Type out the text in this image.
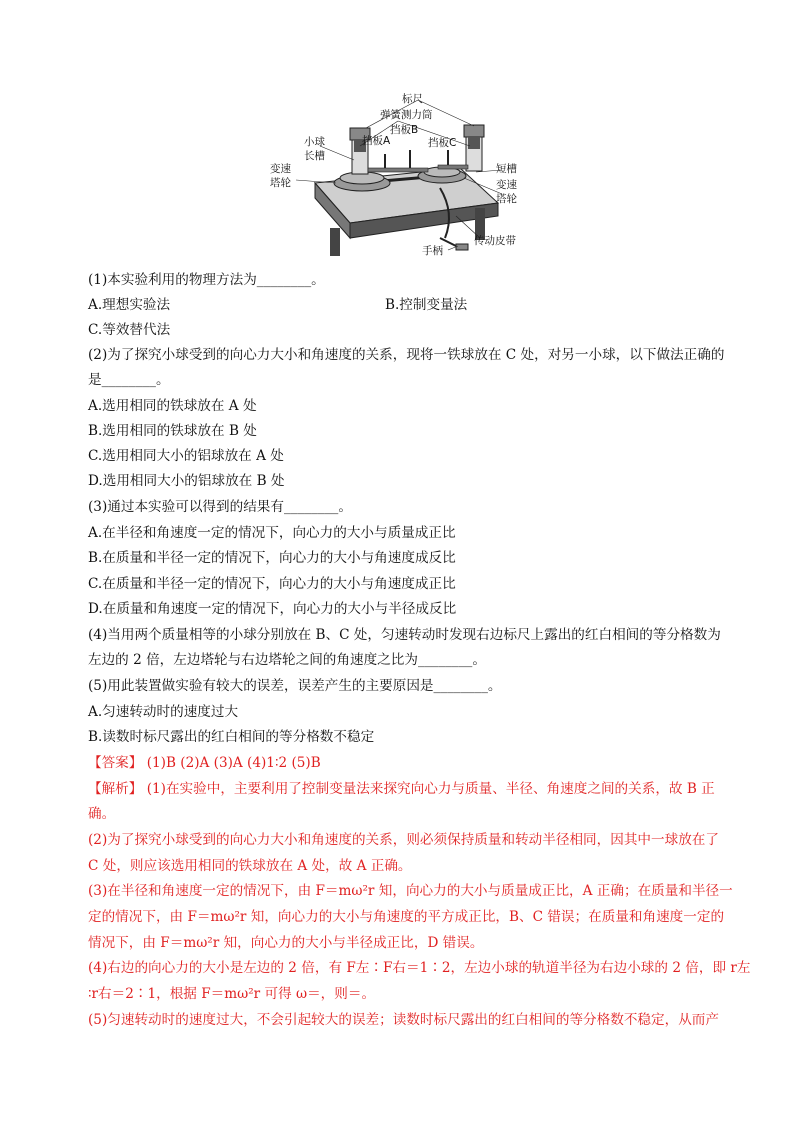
标尺
弹簧测力筒
小球
长槽
挡板A
挡板B
挡板C
变速
塔轮
短槽
变速
塔轮
手柄
传动皮带
(1)本实验利用的物理方法为________。
A.理想实验法	B.控制变量法
C.等效替代法
(2)为了探究小球受到的向心力大小和角速度的关系，现将一铁球放在 C 处，对另一小球，以下做法正确的
是________。
A.选用相同的铁球放在 A 处
B.选用相同的铁球放在 B 处
C.选用相同大小的铝球放在 A 处
D.选用相同大小的铝球放在 B 处
(3)通过本实验可以得到的结果有________。
A.在半径和角速度一定的情况下，向心力的大小与质量成正比
B.在质量和半径一定的情况下，向心力的大小与角速度成反比
C.在质量和半径一定的情况下，向心力的大小与角速度成正比
D.在质量和角速度一定的情况下，向心力的大小与半径成反比
(4)当用两个质量相等的小球分别放在 B、C 处，匀速转动时发现右边标尺上露出的红白相间的等分格数为
左边的 2 倍，左边塔轮与右边塔轮之间的角速度之比为________。
(5)用此装置做实验有较大的误差，误差产生的主要原因是________。
A.匀速转动时的速度过大
B.读数时标尺露出的红白相间的等分格数不稳定
【答案】 (1)B (2)A (3)A (4)1∶2 (5)B
【解析】 (1)在实验中，主要利用了控制变量法来探究向心力与质量、半径、角速度之间的关系，故 B 正
确。
(2)为了探究小球受到的向心力大小和角速度的关系，则必须保持质量和转动半径相同，因其中一球放在了
C 处，则应该选用相同的铁球放在 A 处，故 A 正确。
(3)在半径和角速度一定的情况下，由 F＝mω²r 知，向心力的大小与质量成正比，A 正确；在质量和半径一
定的情况下，由 F＝mω²r 知，向心力的大小与角速度的平方成正比，B、C 错误；在质量和角速度一定的
情况下，由 F＝mω²r 知，向心力的大小与半径成正比，D 错误。
(4)右边的向心力的大小是左边的 2 倍，有 F左∶F右＝1∶2，左边小球的轨道半径为右边小球的 2 倍，即 r左
∶r右＝2∶1，根据 F＝mω²r 可得 ω＝，则＝。
(5)匀速转动时的速度过大，不会引起较大的误差；读数时标尺露出的红白相间的等分格数不稳定，从而产
